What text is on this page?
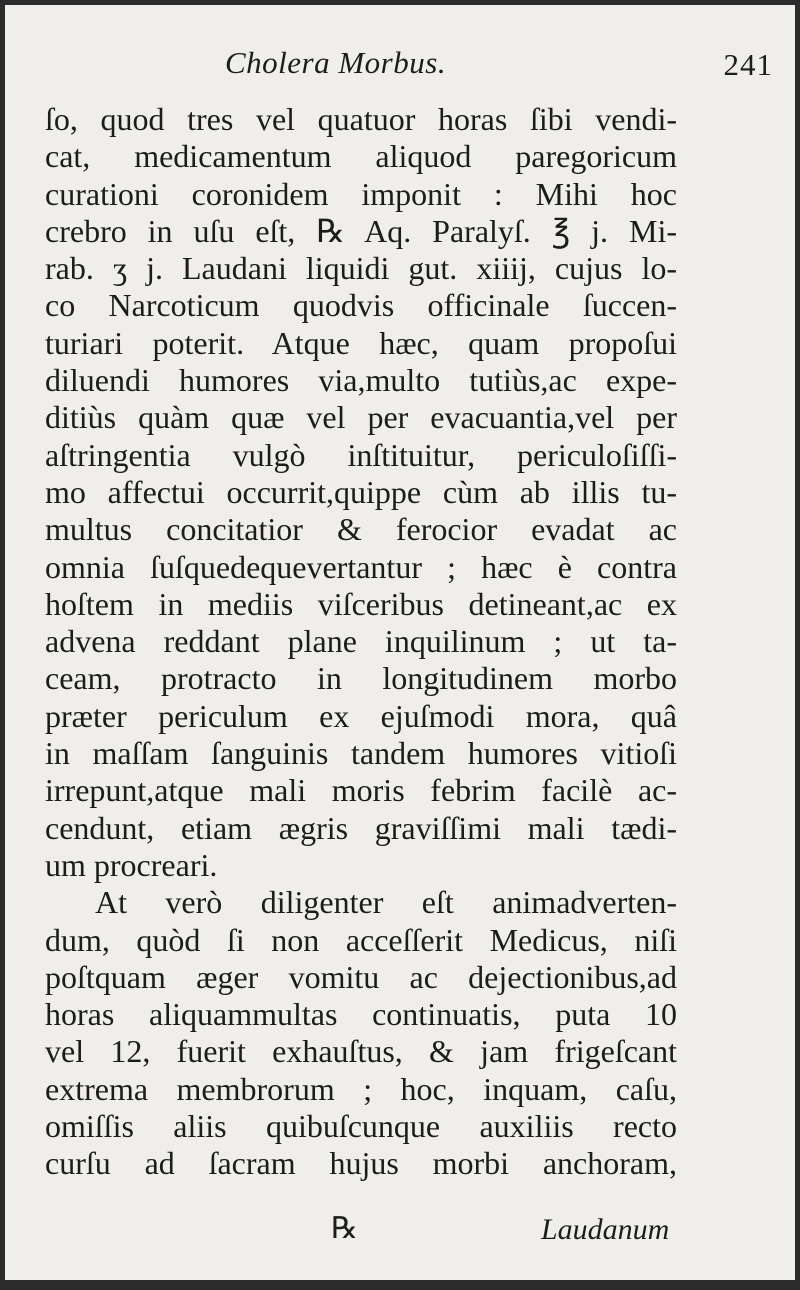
Cholera Morbus.	241
ſo, quod tres vel quatuor horas ſibi vendi-
cat, medicamentum aliquod paregoricum
curationi coronidem imponit : Mihi hoc
crebro in uſu eſt, ℞ Aq. Paralyſ. ℥ j. Mi-
rab. ʒ j. Laudani liquidi gut. xiiij, cujus lo-
co Narcoticum quodvis officinale ſuccen-
turiari poterit. Atque hæc, quam propoſui
diluendi humores via,multo tutiùs,ac expe-
ditiùs quàm quæ vel per evacuantia,vel per
aſtringentia vulgò inſtituitur, periculoſiſſi-
mo affectui occurrit,quippe cùm ab illis tu-
multus concitatior & ferocior evadat ac
omnia ſuſquedequevertantur ; hæc è contra
hoſtem in mediis viſceribus detineant,ac ex
advena reddant plane inquilinum ; ut ta-
ceam, protracto in longitudinem morbo
præter periculum ex ejuſmodi mora, quâ
in maſſam ſanguinis tandem humores vitioſi
irrepunt,atque mali moris febrim facilè ac-
cendunt, etiam ægris graviſſimi mali tædi-
um procreari.
At verò diligenter eſt animadverten-
dum, quòd ſi non acceſſerit Medicus, niſi
poſtquam æger vomitu ac dejectionibus,ad
horas aliquammultas continuatis, puta 10
vel 12, fuerit exhauſtus, & jam frigeſcant
extrema membrorum ; hoc, inquam, caſu,
omiſſis aliis quibuſcunque auxiliis recto
curſu ad ſacram hujus morbi anchoram,
℞	Laudanum
